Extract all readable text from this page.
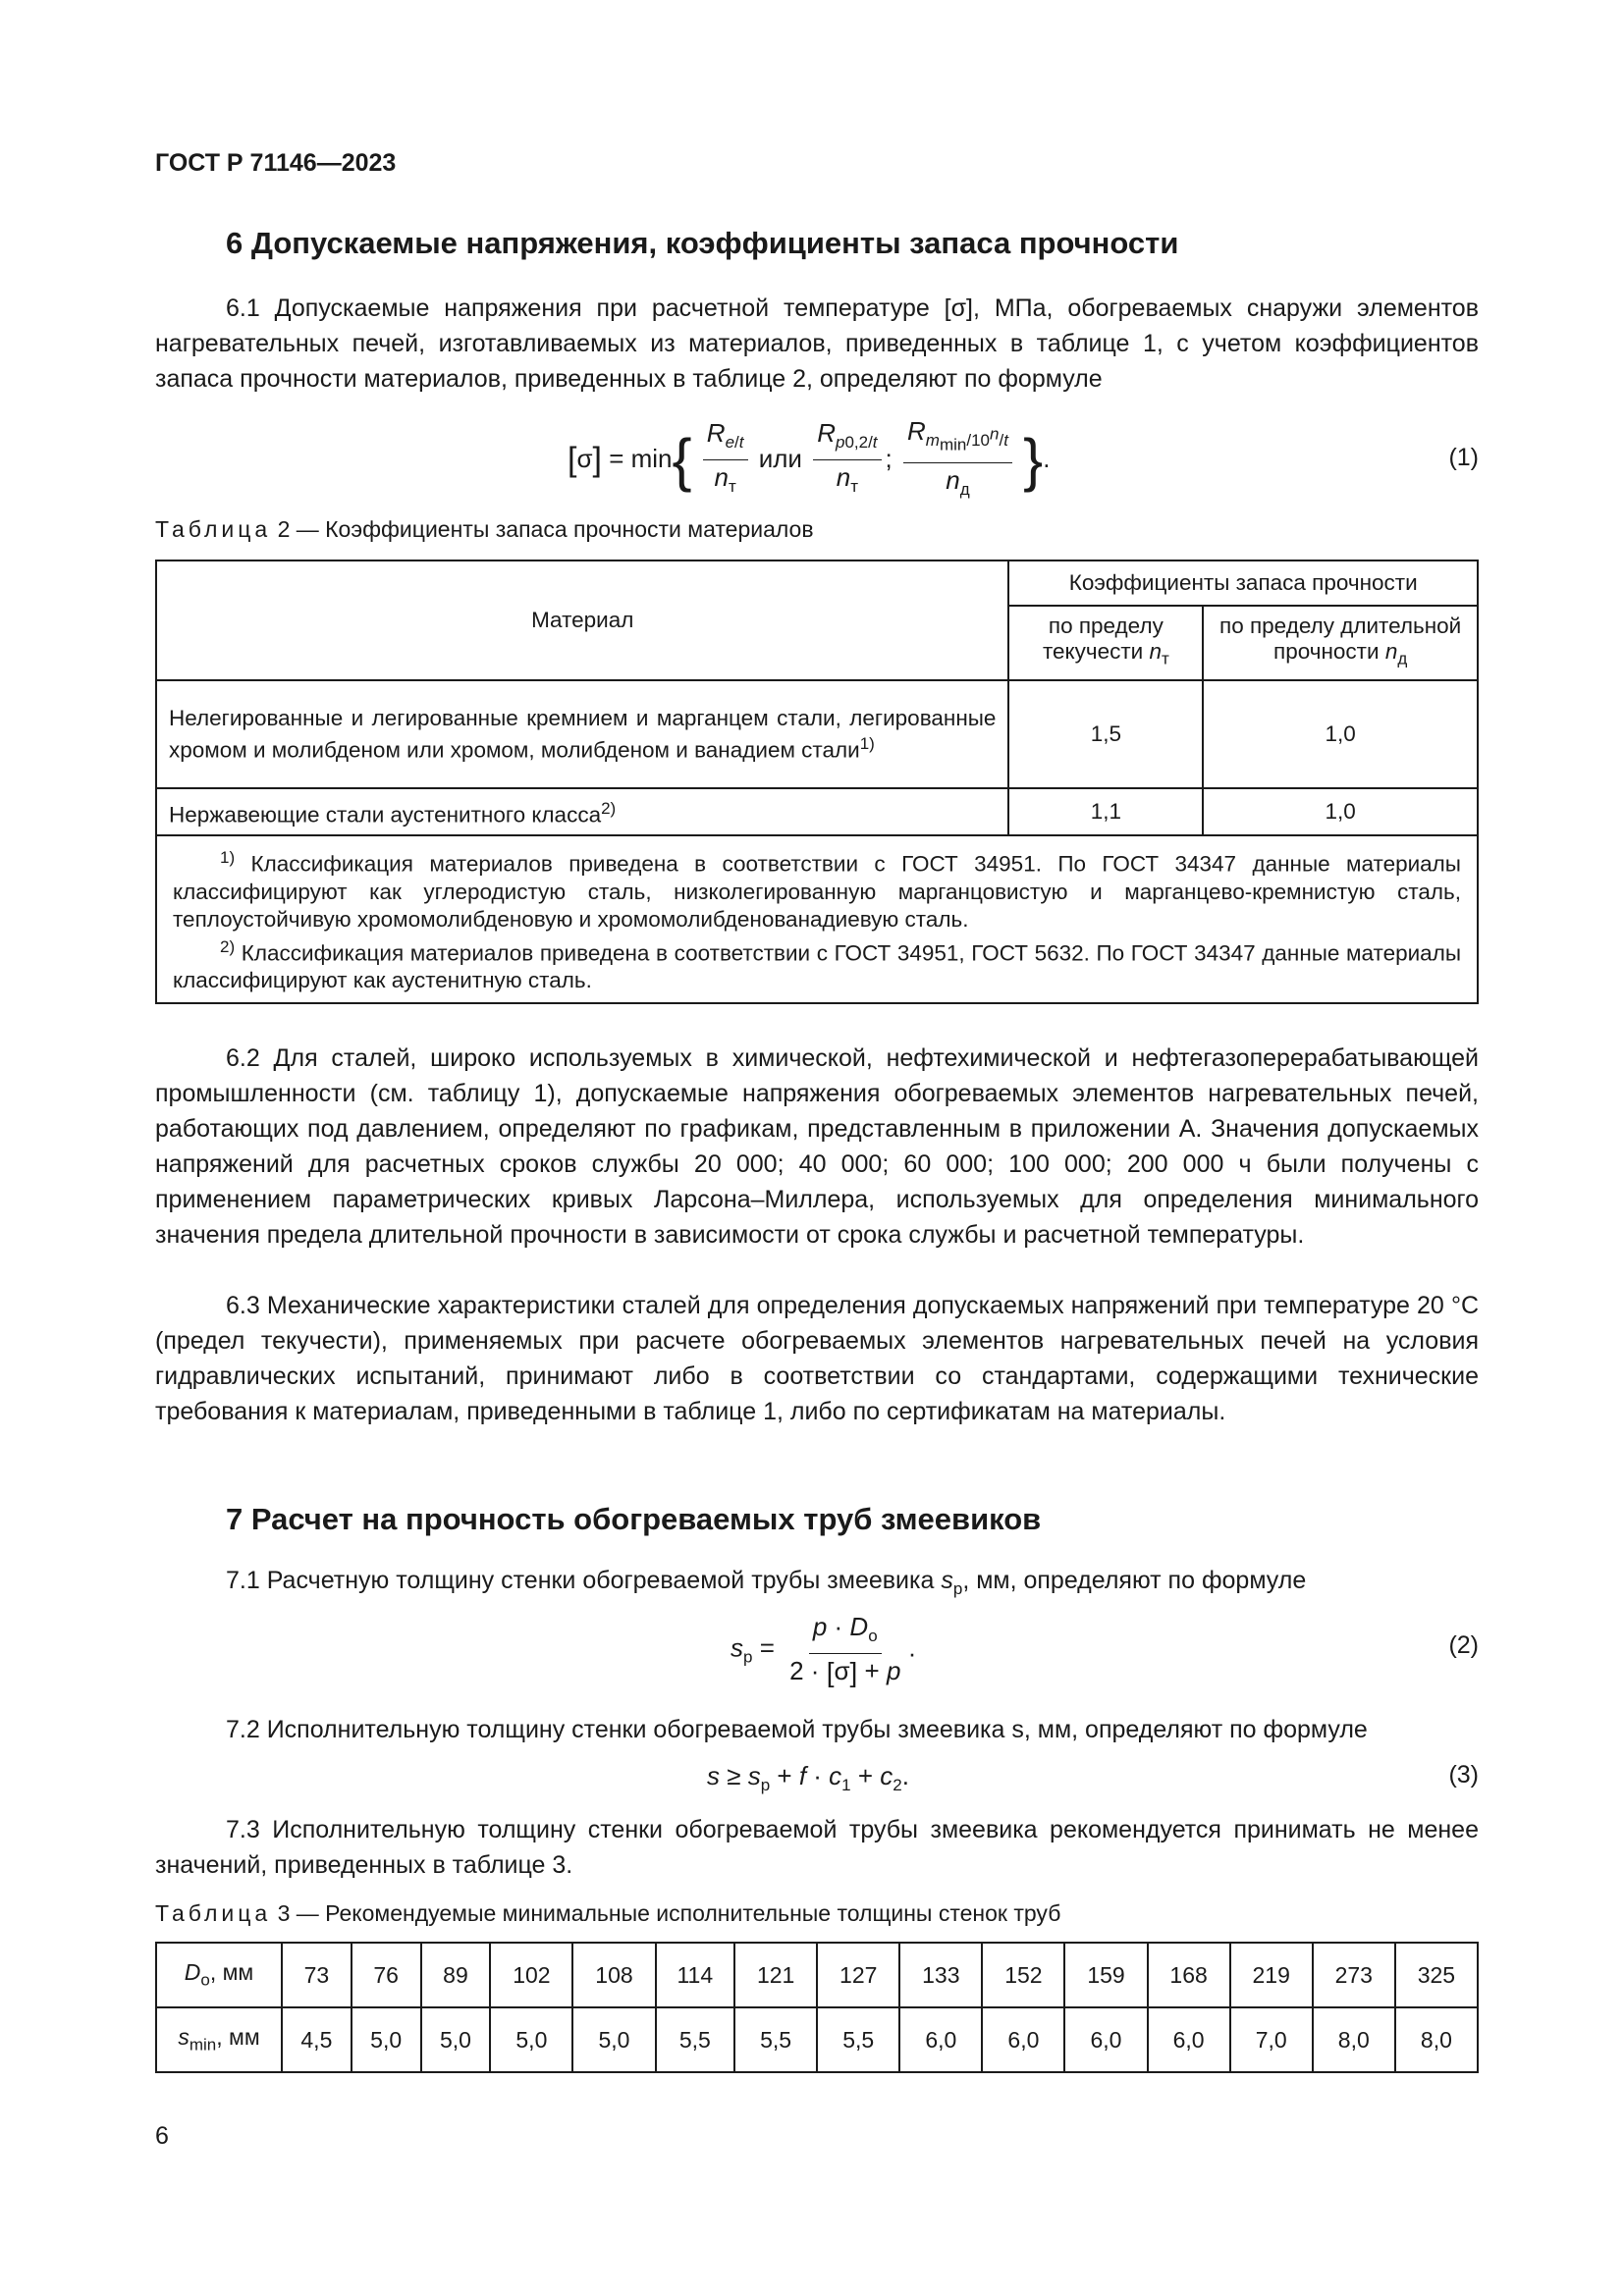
ГОСТ Р 71146—2023
6 Допускаемые напряжения, коэффициенты запаса прочности
6.1 Допускаемые напряжения при расчетной температуре [σ], МПа, обогреваемых снаружи элементов нагревательных печей, изготавливаемых из материалов, приведенных в таблице 1, с учетом коэффициентов запаса прочности материалов, приведенных в таблице 2, определяют по формуле
$[\sigma] = \min\{ \frac{R_{e/t}}{n_т}$ или $\frac{R_{p0,2/t}}{n_т}$ ; $\frac{R_{m_{min}/10^n/t}}{n_д}$ }.	(1)
Таблица 2 — Коэффициенты запаса прочности материалов
Материал	Коэффициенты запаса прочности	
	по пределу текучести $n_т$	по пределу длительной прочности $n_д$
Нелегированные и легированные кремнием и марганцем стали, легированные хромом и молибденом или хромом, молибденом и ванадием стали$^{1)}$	1,5	1,0
Нержавеющие стали аустенитного класса$^{2)}$	1,1	1,0

$^{1)}$ Классификация материалов приведена в соответствии с ГОСТ 34951. По ГОСТ 34347 данные материалы классифицируют как углеродистую сталь, низколегированную марганцовистую и марганцево-кремнистую сталь, теплоустойчивую хромомолибденовую и хромомолибденованадиевую сталь.
$^{2)}$ Классификация материалов приведена в соответствии с ГОСТ 34951, ГОСТ 5632. По ГОСТ 34347 данные материалы классифицируют как аустенитную сталь.		
6.2 Для сталей, широко используемых в химической, нефтехимической и нефтегазоперерабатывающей промышленности (см. таблицу 1), допускаемые напряжения обогреваемых элементов нагревательных печей, работающих под давлением, определяют по графикам, представленным в приложении А. Значения допускаемых напряжений для расчетных сроков службы 20 000; 40 000; 60 000; 100 000; 200 000 ч были получены с применением параметрических кривых Ларсона–Миллера, используемых для определения минимального значения предела длительной прочности в зависимости от срока службы и расчетной температуры.
6.3 Механические характеристики сталей для определения допускаемых напряжений при температуре 20 °С (предел текучести), применяемых при расчете обогреваемых элементов нагревательных печей на условия гидравлических испытаний, принимают либо в соответствии со стандартами, содержащими технические требования к материалам, приведенными в таблице 1, либо по сертификатам на материалы.
7 Расчет на прочность обогреваемых труб змеевиков
7.1 Расчетную толщину стенки обогреваемой трубы змеевика $s_р$, мм, определяют по формуле
$s_р = \frac{p \cdot D_о}{2 \cdot [\sigma] + p}$ .	(2)
7.2 Исполнительную толщину стенки обогреваемой трубы змеевика s, мм, определяют по формуле
$s \ge s_р + f \cdot c_1 + c_2$.	(3)
7.3 Исполнительную толщину стенки обогреваемой трубы змеевика рекомендуется принимать не менее значений, приведенных в таблице 3.
Таблица 3 — Рекомендуемые минимальные исполнительные толщины стенок труб
$D_о$, мм	73	76	89	102	108	114	121	127	133	152	159	168	219	273	325
$s_{min}$, мм	4,5	5,0	5,0	5,0	5,0	5,5	5,5	5,5	6,0	6,0	6,0	6,0	7,0	8,0	8,0
6
